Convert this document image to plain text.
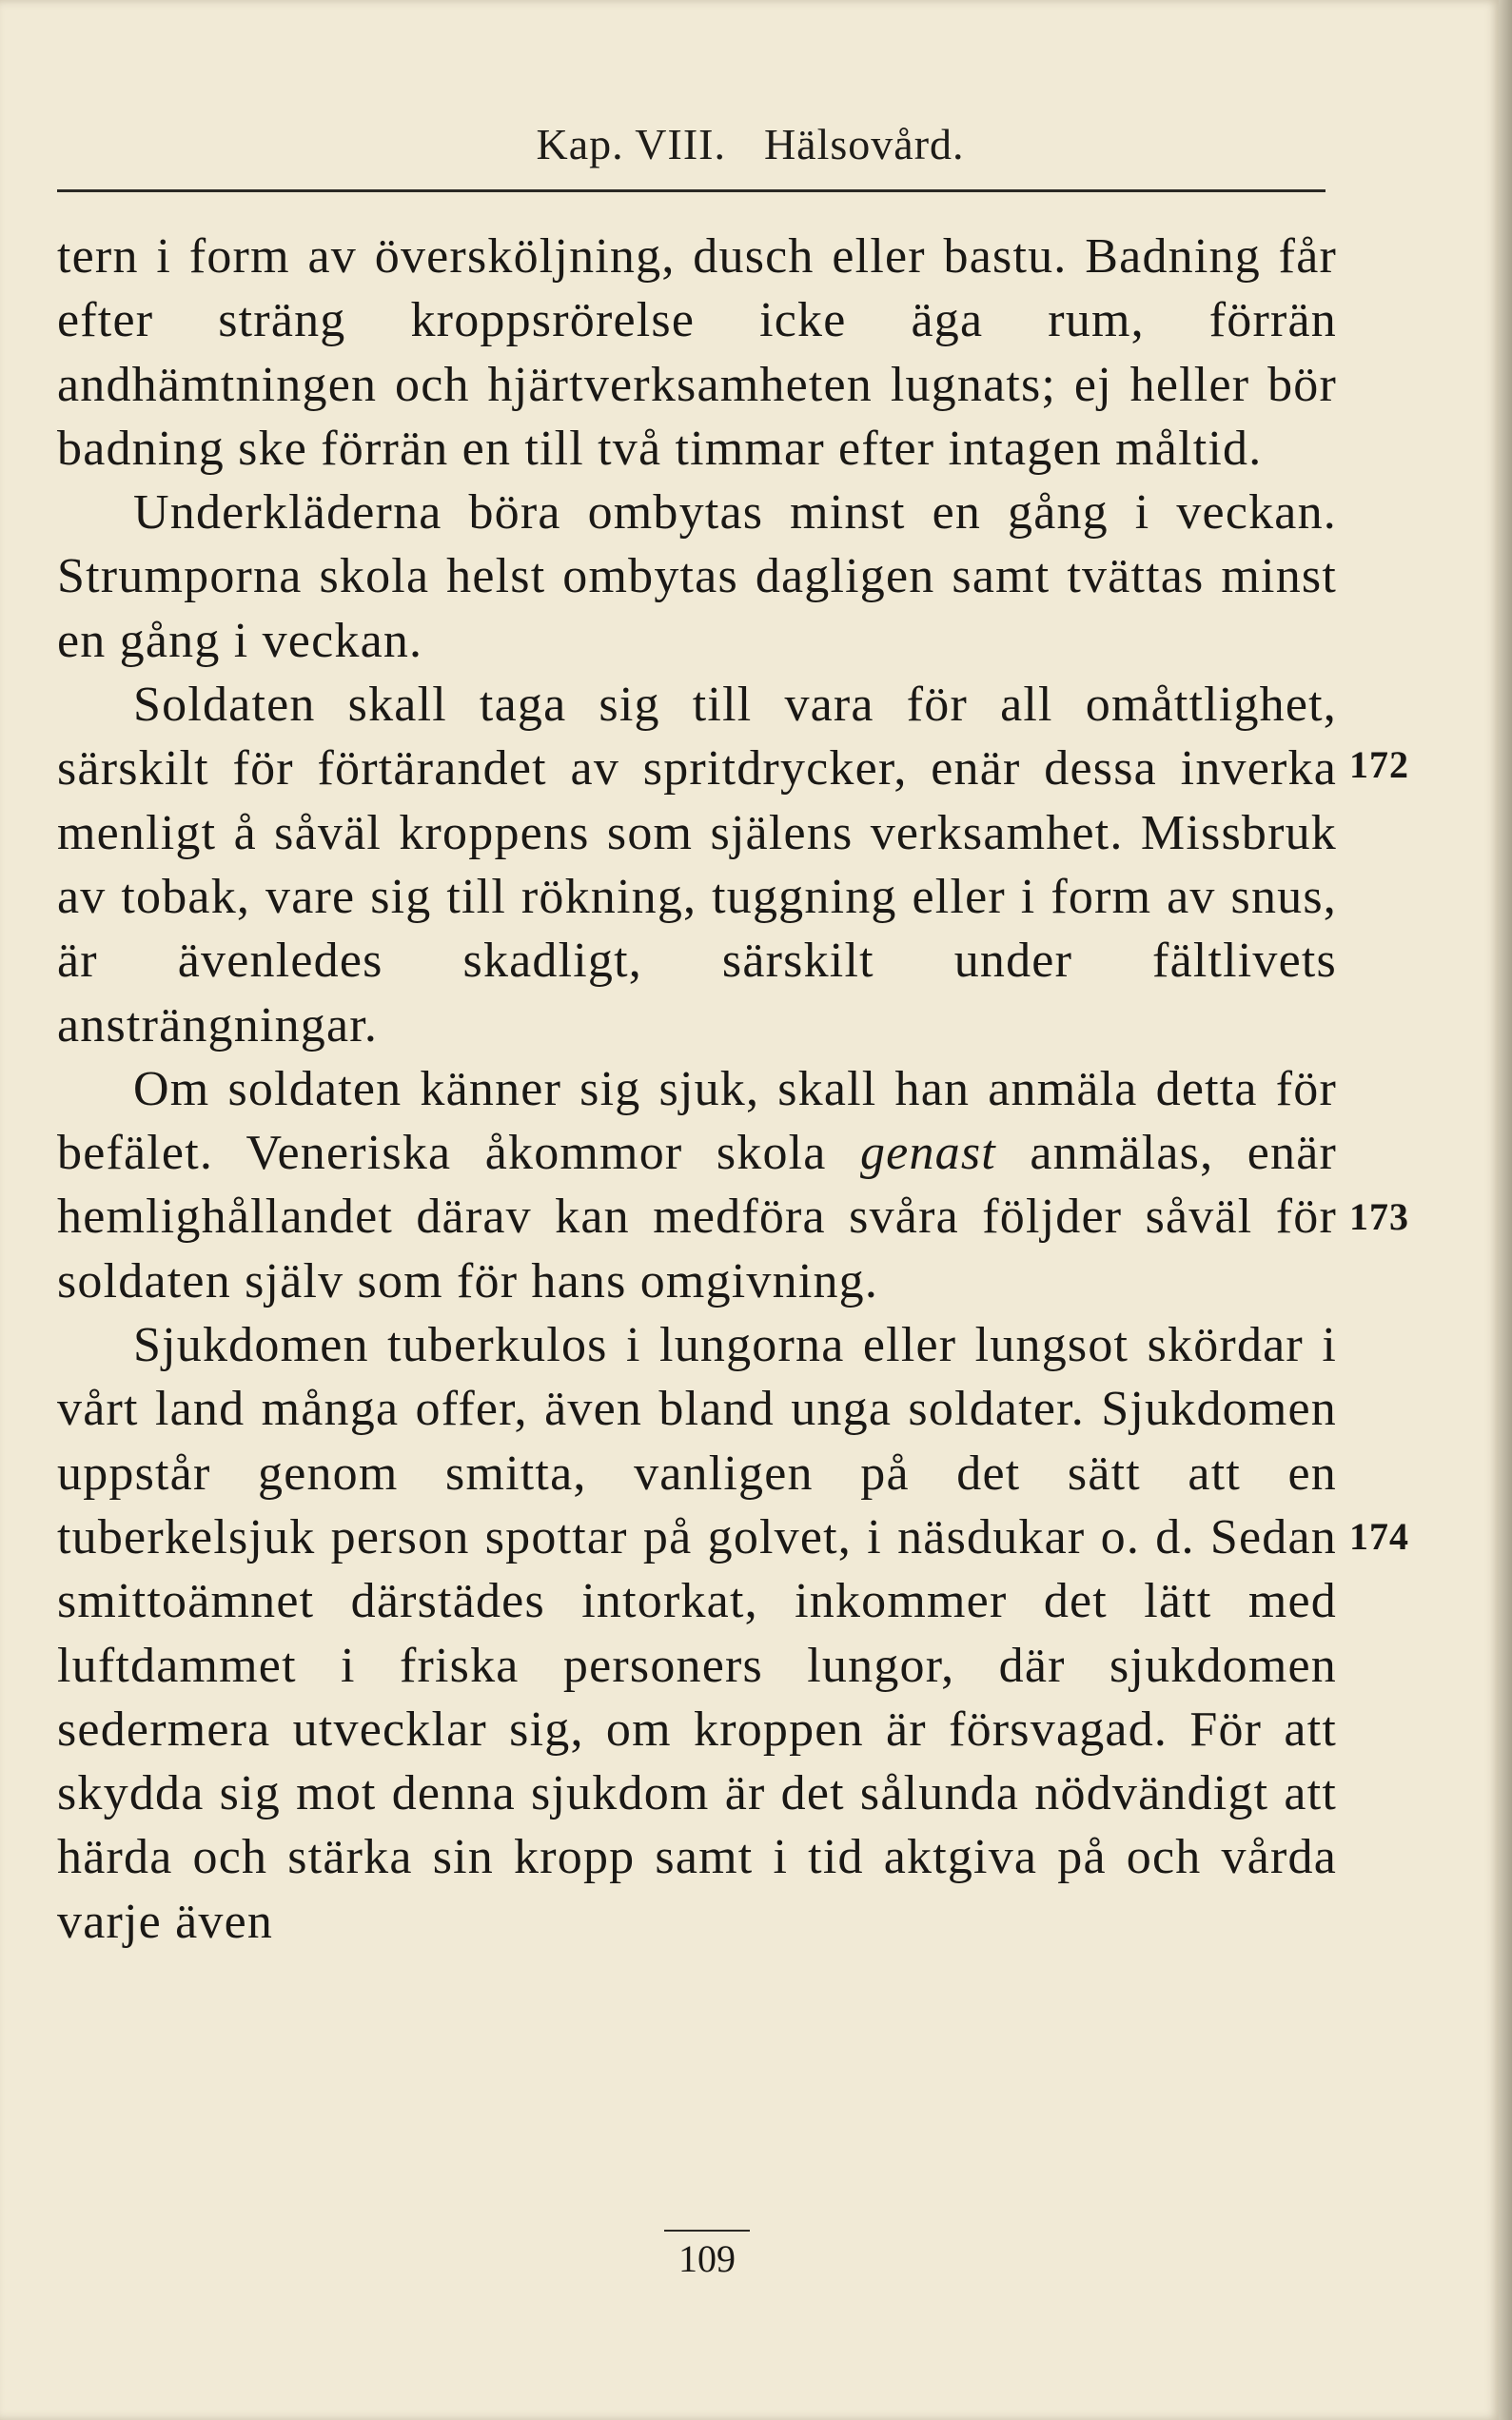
Kap. VIII. Hälsovård.

tern i form av översköljning, dusch eller bastu. Badning får efter sträng kroppsrörelse icke äga rum, förrän andhämtningen och hjärtverksamheten lugnats; ej heller bör badning ske förrän en till två timmar efter intagen måltid.

Underkläderna böra ombytas minst en gång i veckan. Strumporna skola helst ombytas dagligen samt tvättas minst en gång i veckan.

Soldaten skall taga sig till vara för all omåttlighet, särskilt för förtärandet av spritdrycker, enär dessa inverka menligt å såväl kroppens som själens verksamhet. Missbruk av tobak, vare sig till rökning, tuggning eller i form av snus, är ävenledes skadligt, särskilt under fältlivets ansträngningar.

Om soldaten känner sig sjuk, skall han anmäla detta för befälet. Veneriska åkommor skola genast anmälas, enär hemlighållandet därav kan medföra svåra följder såväl för soldaten själv som för hans omgivning.

Sjukdomen tuberkulos i lungorna eller lungsot skördar i vårt land många offer, även bland unga soldater. Sjukdomen uppstår genom smitta, vanligen på det sätt att en tuberkelsjuk person spottar på golvet, i näsdukar o. d. Sedan smittoämnet därstädes intorkat, inkommer det lätt med luftdammet i friska personers lungor, där sjukdomen sedermera utvecklar sig, om kroppen är försvagad. För att skydda sig mot denna sjukdom är det sålunda nödvändigt att härda och stärka sin kropp samt i tid aktgiva på och vårda varje även

172
173
174
109
